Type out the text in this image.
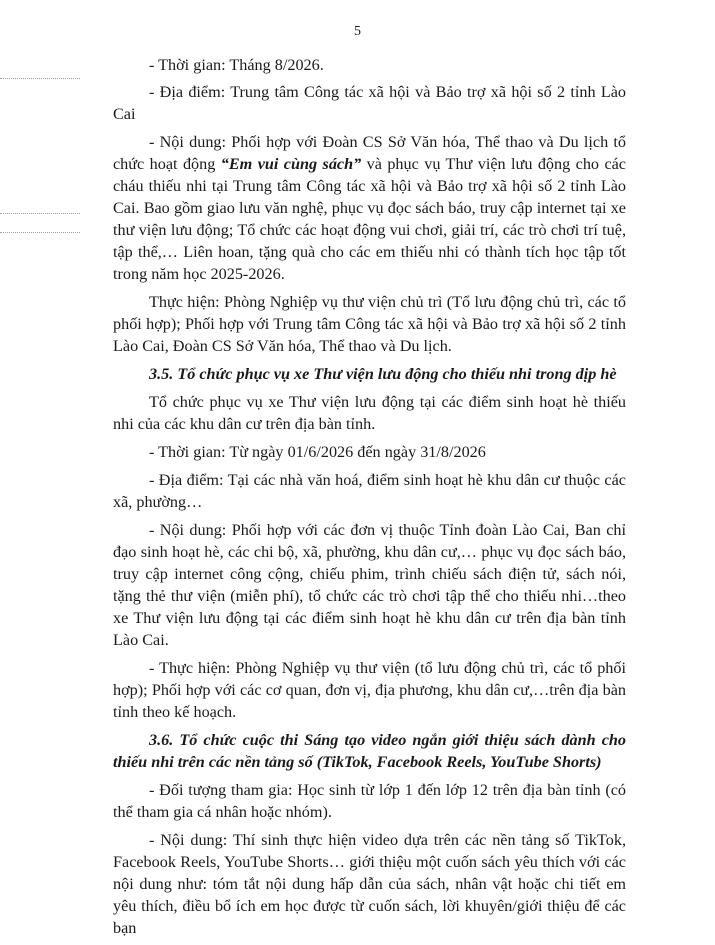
5

- Thời gian: Tháng 8/2026.

- Địa điểm: Trung tâm Công tác xã hội và Bảo trợ xã hội số 2 tỉnh Lào Cai

- Nội dung: Phối hợp với Đoàn CS Sở Văn hóa, Thể thao và Du lịch tổ chức hoạt động “Em vui cùng sách” và phục vụ Thư viện lưu động cho các cháu thiếu nhi tại Trung tâm Công tác xã hội và Bảo trợ xã hội số 2 tỉnh Lào Cai. Bao gồm giao lưu văn nghệ, phục vụ đọc sách báo, truy cập internet tại xe thư viện lưu động; Tổ chức các hoạt động vui chơi, giải trí, các trò chơi trí tuệ, tập thể,… Liên hoan, tặng quà cho các em thiếu nhi có thành tích học tập tốt trong năm học 2025-2026.

Thực hiện: Phòng Nghiệp vụ thư viện chủ trì (Tổ lưu động chủ trì, các tổ phối hợp); Phối hợp với Trung tâm Công tác xã hội và Bảo trợ xã hội số 2 tỉnh Lào Cai, Đoàn CS Sở Văn hóa, Thể thao và Du lịch.

3.5. Tổ chức phục vụ xe Thư viện lưu động cho thiếu nhi trong dịp hè

Tổ chức phục vụ xe Thư viện lưu động tại các điểm sinh hoạt hè thiếu nhi của các khu dân cư trên địa bàn tỉnh.

- Thời gian: Từ ngày 01/6/2026 đến ngày 31/8/2026

- Địa điểm: Tại các nhà văn hoá, điểm sinh hoạt hè khu dân cư thuộc các xã, phường…

- Nội dung: Phối hợp với các đơn vị thuộc Tỉnh đoàn Lào Cai, Ban chỉ đạo sinh hoạt hè, các chi bộ, xã, phường, khu dân cư,… phục vụ đọc sách báo, truy cập internet công cộng, chiếu phim, trình chiếu sách điện tử, sách nói, tặng thẻ thư viện (miễn phí), tổ chức các trò chơi tập thể cho thiếu nhi…theo xe Thư viện lưu động tại các điểm sinh hoạt hè khu dân cư trên địa bàn tỉnh Lào Cai.

- Thực hiện: Phòng Nghiệp vụ thư viện (tổ lưu động chủ trì, các tổ phối hợp); Phối hợp với các cơ quan, đơn vị, địa phương, khu dân cư,…trên địa bàn tỉnh theo kế hoạch.

3.6. Tổ chức cuộc thi Sáng tạo video ngắn giới thiệu sách dành cho thiếu nhi trên các nền tảng số (TikTok, Facebook Reels, YouTube Shorts)

- Đối tượng tham gia: Học sinh từ lớp 1 đến lớp 12 trên địa bàn tỉnh (có thể tham gia cá nhân hoặc nhóm).

- Nội dung: Thí sinh thực hiện video dựa trên các nền tảng số TikTok, Facebook Reels, YouTube Shorts… giới thiệu một cuốn sách yêu thích với các nội dung như: tóm tắt nội dung hấp dẫn của sách, nhân vật hoặc chi tiết em yêu thích, điều bổ ích em học được từ cuốn sách, lời khuyên/giới thiệu để các bạn
